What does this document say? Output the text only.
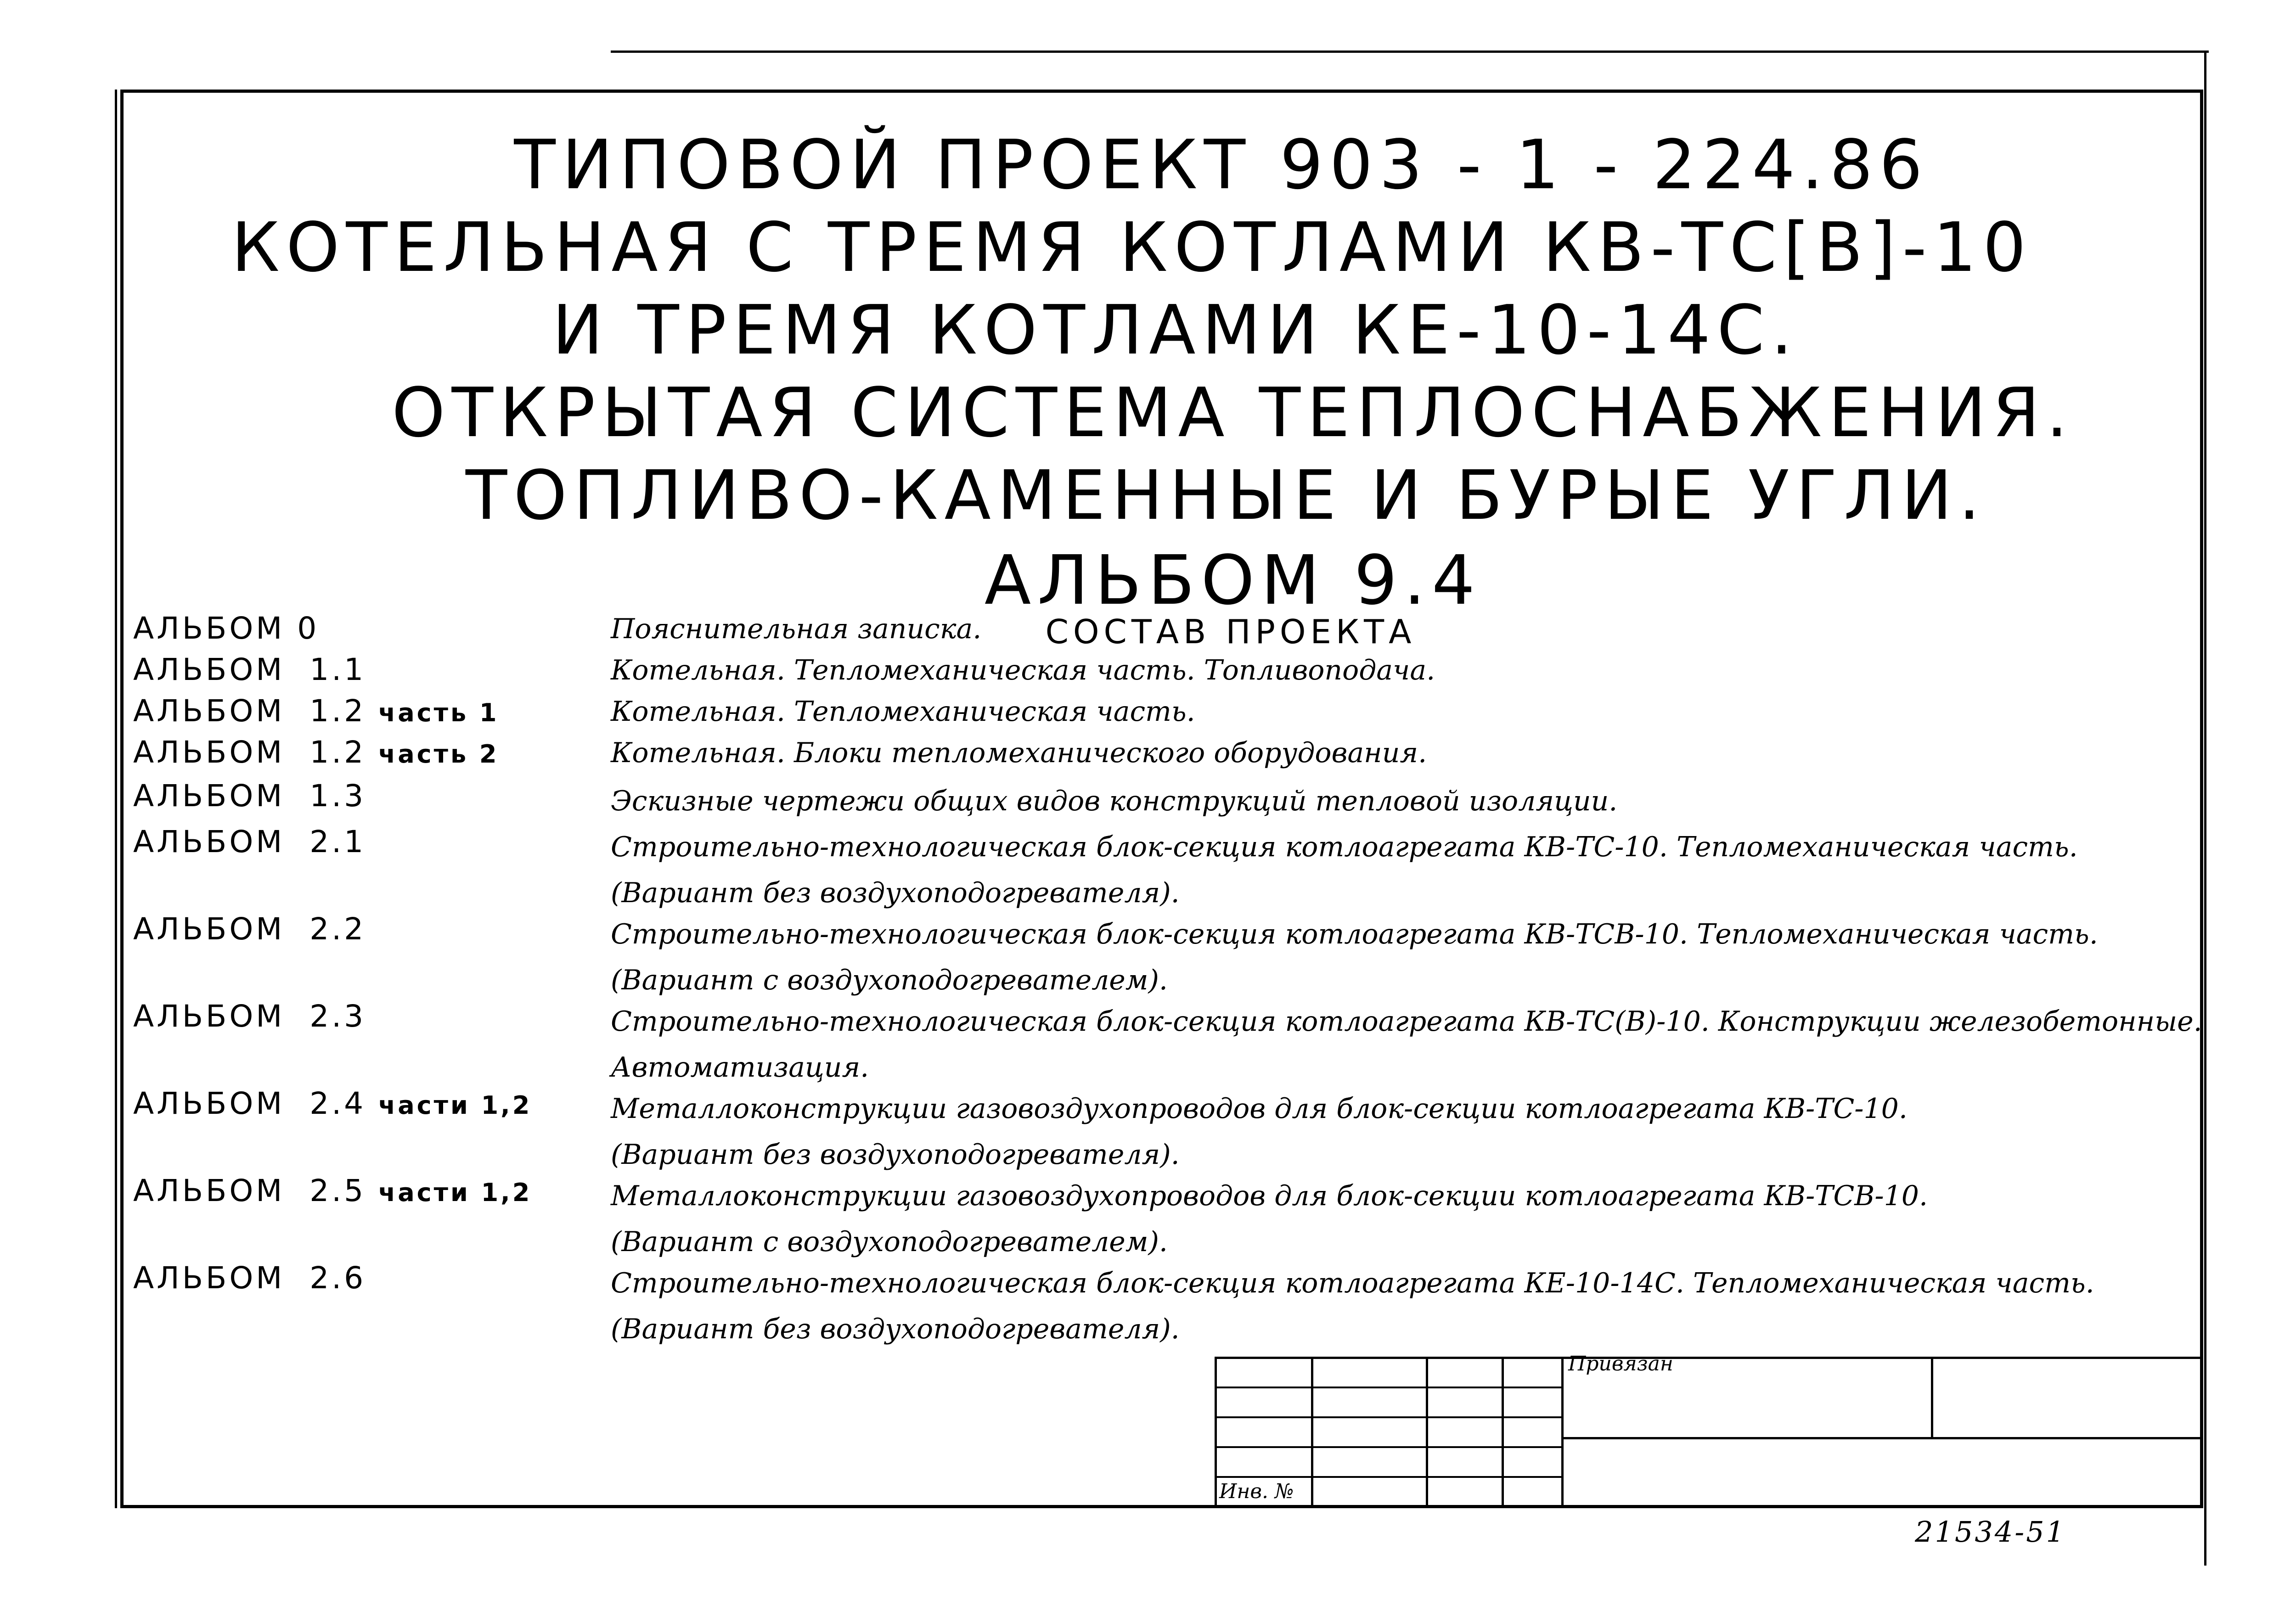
ТИПОВОЙ ПРОЕКТ 903 - 1 - 224.86
КОТЕЛЬНАЯ С ТРЕМЯ КОТЛАМИ КВ-ТС[В]-10
И ТРЕМЯ КОТЛАМИ КЕ-10-14С.
ОТКРЫТАЯ СИСТЕМА ТЕПЛОСНАБЖЕНИЯ.
ТОПЛИВО-КАМЕННЫЕ И БУРЫЕ УГЛИ.
АЛЬБОМ 9.4
СОСТАВ ПРОЕКТА
АЛЬБОМ 0	Пояснительная записка.
АЛЬБОМ 1.1	Котельная. Тепломеханическая часть. Топливоподача.
АЛЬБОМ 1.2 часть 1	Котельная. Тепломеханическая часть.
АЛЬБОМ 1.2 часть 2	Котельная. Блоки тепломеханического оборудования.
АЛЬБОМ 1.3	Эскизные чертежи общих видов конструкций тепловой изоляции.
АЛЬБОМ 2.1	Строительно-технологическая блок-секция котлоагрегата КВ-ТС-10. Тепломеханическая часть.
(Вариант без воздухоподогревателя).
АЛЬБОМ 2.2	Строительно-технологическая блок-секция котлоагрегата КВ-ТСВ-10. Тепломеханическая часть.
(Вариант с воздухоподогревателем).
АЛЬБОМ 2.3	Строительно-технологическая блок-секция котлоагрегата КВ-ТС(В)-10. Конструкции железобетонные.
Автоматизация.
АЛЬБОМ 2.4 части 1,2	Металлоконструкции газовоздухопроводов для блок-секции котлоагрегата КВ-ТС-10.
(Вариант без воздухоподогревателя).
АЛЬБОМ 2.5 части 1,2	Металлоконструкции газовоздухопроводов для блок-секции котлоагрегата КВ-ТСВ-10.
(Вариант с воздухоподогревателем).
АЛЬБОМ 2.6	Строительно-технологическая блок-секция котлоагрегата КЕ-10-14С. Тепломеханическая часть.
(Вариант без воздухоподогревателя).
Привязан
Инв. №
21534-51
